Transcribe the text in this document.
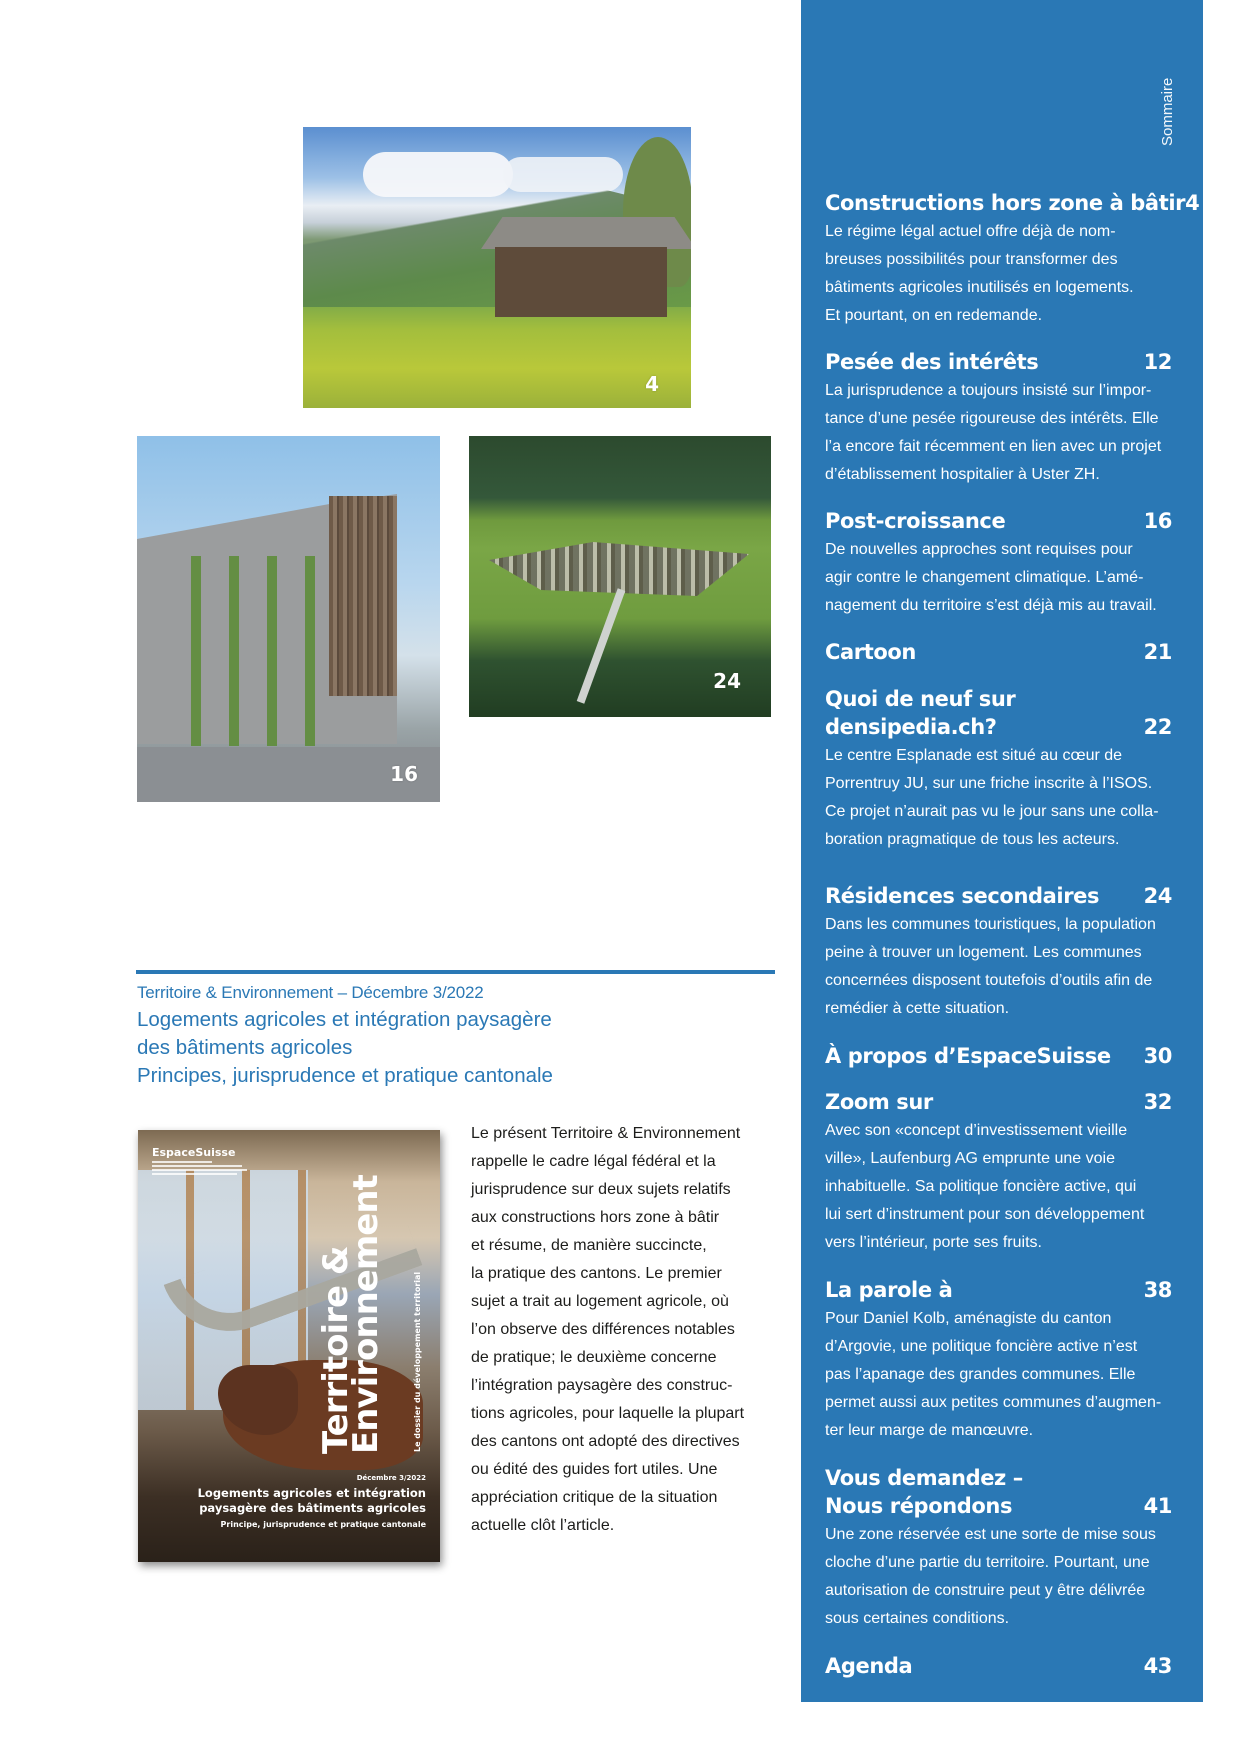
4
16
24
Territoire & Environnement – Décembre 3/2022
Logements agricoles et intégration paysagère
des bâtiments agricoles
Principes, jurisprudence et pratique cantonale
EspaceSuisse
Territoire &
Environnement	Le dossier du développement territorial
Décembre 3/2022
Logements agricoles et intégration
paysagère des bâtiments agricoles
Principe, jurisprudence et pratique cantonale
Le présent Territoire & Environnement
rappelle le cadre légal fédéral et la
jurisprudence sur deux sujets relatifs
aux constructions hors zone à bâtir
et résume, de manière succincte,
la pratique des cantons. Le premier
sujet a trait au logement agricole, où
l’on observe des différences notables
de pratique; le deuxième concerne
l’intégration paysagère des construc-
tions agricoles, pour laquelle la plupart
des cantons ont adopté des directives
ou édité des guides fort utiles. Une
appréciation critique de la situation
actuelle clôt l’article.
Sommaire
Constructions hors zone à bâtir 4
Le régime légal actuel offre déjà de nom-
breuses possibilités pour transformer des
bâtiments agricoles inutilisés en logements.
Et pourtant, on en redemande.
Pesée des intérêts	12
La jurisprudence a toujours insisté sur l’impor-
tance d’une pesée rigoureuse des intérêts. Elle
l’a encore fait récemment en lien avec un projet
d’établissement hospitalier à Uster ZH.
Post-croissance	16
De nouvelles approches sont requises pour
agir contre le changement climatique. L’amé-
nagement du territoire s’est déjà mis au travail.
Cartoon	21
Quoi de neuf sur
densipedia.ch?	22
Le centre Esplanade est situé au cœur de
Porrentruy JU, sur une friche inscrite à l’ISOS.
Ce projet n’aurait pas vu le jour sans une colla-
boration pragmatique de tous les acteurs.
Résidences secondaires 24
Dans les communes touristiques, la population
peine à trouver un logement. Les communes
concernées disposent toutefois d’outils afin de
remédier à cette situation.
À propos d’EspaceSuisse 30
Zoom sur	32
Avec son «concept d’investissement vieille
ville», Laufenburg AG emprunte une voie
inhabituelle. Sa politique foncière active, qui
lui sert d’instrument pour son développement
vers l’intérieur, porte ses fruits.
La parole à	38
Pour Daniel Kolb, aménagiste du canton
d’Argovie, une politique foncière active n’est
pas l’apanage des grandes communes. Elle
permet aussi aux petites communes d’augmen-
ter leur marge de manœuvre.
Vous demandez –
Nous répondons	41
Une zone réservée est une sorte de mise sous
cloche d’une partie du territoire. Pourtant, une
autorisation de construire peut y être délivrée
sous certaines conditions.
Agenda	43
